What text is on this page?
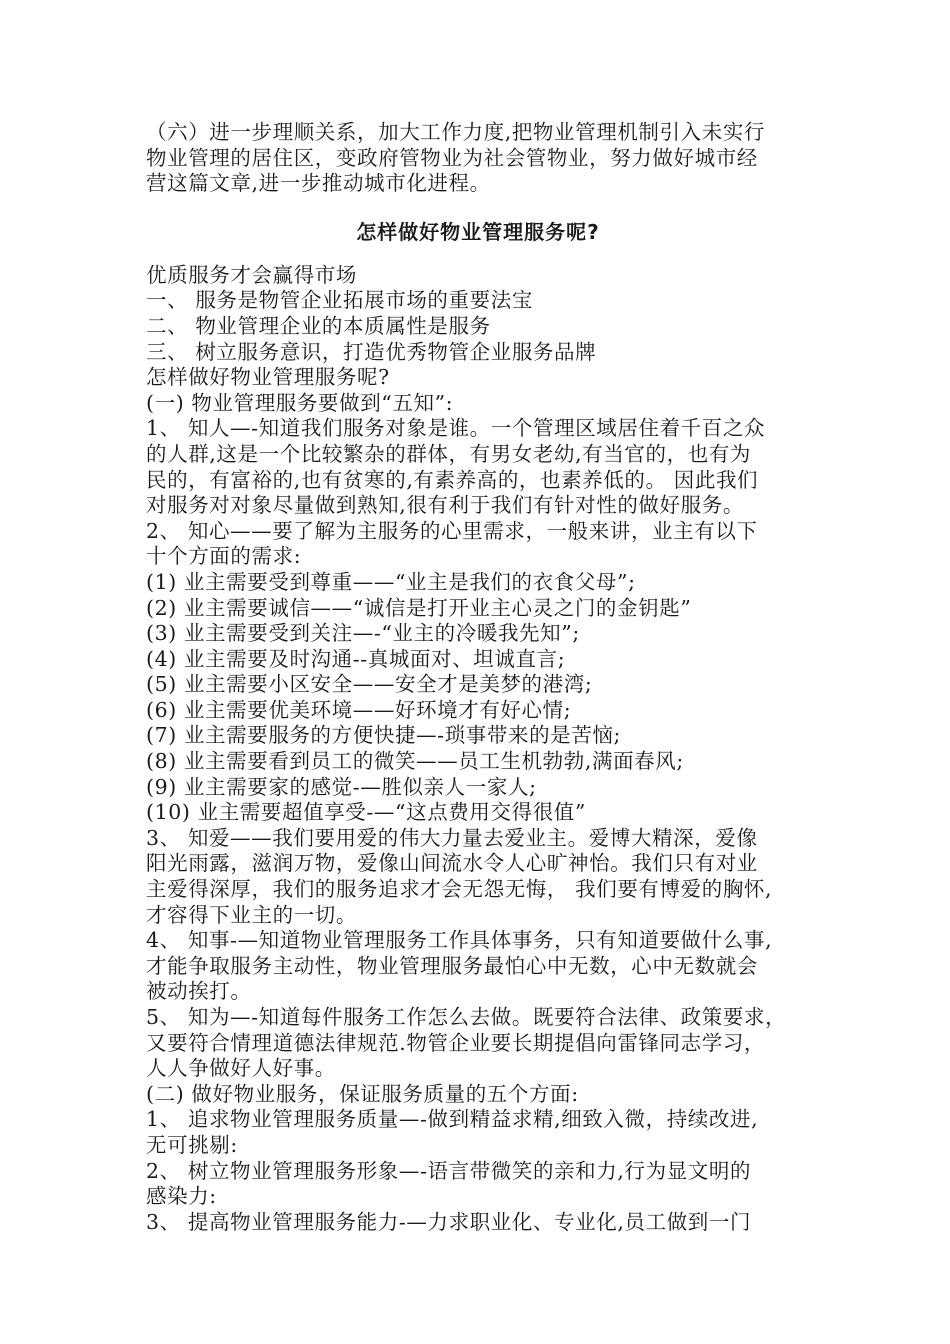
（六）进一步理顺关系，加大工作力度,把物业管理机制引入未实行
物业管理的居住区，变政府管物业为社会管物业，努力做好城市经
营这篇文章,进一步推动城市化进程。
怎样做好物业管理服务呢?
优质服务才会赢得市场
一、 服务是物管企业拓展市场的重要法宝
二、 物业管理企业的本质属性是服务
三、 树立服务意识，打造优秀物管企业服务品牌
怎样做好物业管理服务呢?
(一) 物业管理服务要做到“五知”:
1、 知人—-知道我们服务对象是谁。一个管理区域居住着千百之众
的人群,这是一个比较繁杂的群体，有男女老幼,有当官的，也有为
民的，有富裕的,也有贫寒的,有素养高的，也素养低的。 因此我们
对服务对对象尽量做到熟知,很有利于我们有针对性的做好服务。
2、 知心——要了解为主服务的心里需求，一般来讲，业主有以下
十个方面的需求:
(1) 业主需要受到尊重——“业主是我们的衣食父母”;
(2) 业主需要诚信——“诚信是打开业主心灵之门的金钥匙”
(3) 业主需要受到关注—-“业主的冷暖我先知”;
(4) 业主需要及时沟通--真城面对、坦诚直言;
(5) 业主需要小区安全——安全才是美梦的港湾;
(6) 业主需要优美环境——好环境才有好心情;
(7) 业主需要服务的方便快捷—-琐事带来的是苦恼;
(8) 业主需要看到员工的微笑——员工生机勃勃,满面春风;
(9) 业主需要家的感觉-—胜似亲人一家人;
(10) 业主需要超值享受-—“这点费用交得很值”
3、 知爱——我们要用爱的伟大力量去爱业主。爱博大精深，爱像
阳光雨露，滋润万物，爱像山间流水令人心旷神怡。我们只有对业
主爱得深厚，我们的服务追求才会无怨无悔， 我们要有博爱的胸怀,
才容得下业主的一切。
4、 知事-—知道物业管理服务工作具体事务，只有知道要做什么事,
才能争取服务主动性，物业管理服务最怕心中无数，心中无数就会
被动挨打。
5、 知为—-知道每件服务工作怎么去做。既要符合法律、政策要求，
又要符合情理道德法律规范.物管企业要长期提倡向雷锋同志学习，
人人争做好人好事。
(二) 做好物业服务，保证服务质量的五个方面:
1、 追求物业管理服务质量—-做到精益求精,细致入微，持续改进,
无可挑剔:
2、 树立物业管理服务形象—-语言带微笑的亲和力,行为显文明的
感染力:
3、 提高物业管理服务能力-—力求职业化、专业化,员工做到一门
